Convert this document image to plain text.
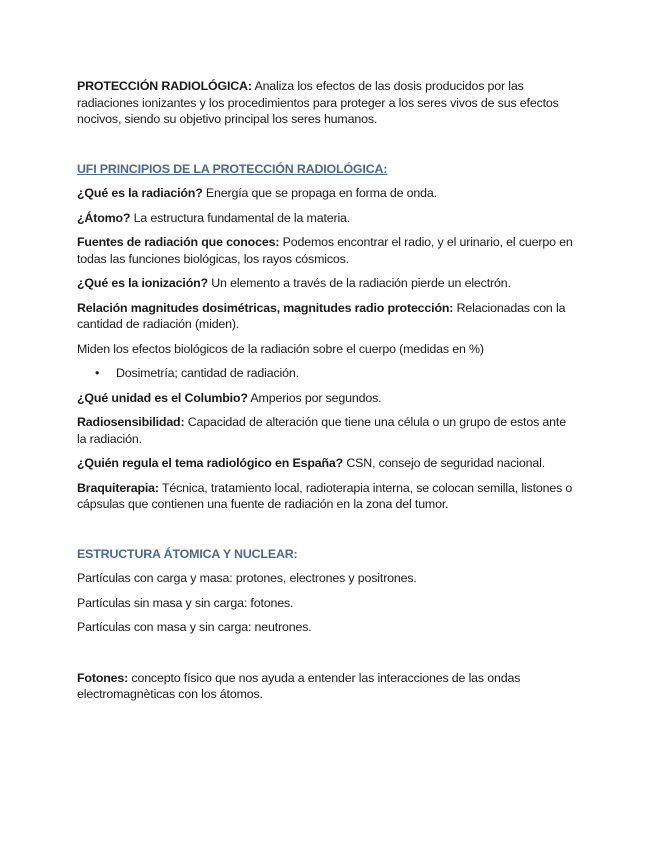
PROTECCIÓN RADIOLÓGICA: Analiza los efectos de las dosis producidos por las radiaciones ionizantes y los procedimientos para proteger a los seres vivos de sus efectos nocivos, siendo su objetivo principal los seres humanos.

UFI PRINCIPIOS DE LA PROTECCIÓN RADIOLÓGICA:

¿Qué es la radiación? Energía que se propaga en forma de onda.

¿Átomo? La estructura fundamental de la materia.

Fuentes de radiación que conoces: Podemos encontrar el radio, y el urinario, el cuerpo en todas las funciones biológicas, los rayos cósmicos.

¿Qué es la ionización? Un elemento a través de la radiación pierde un electrón.

Relación magnitudes dosimétricas, magnitudes radio protección: Relacionadas con la cantidad de radiación (miden).

Miden los efectos biológicos de la radiación sobre el cuerpo (medidas en %)

• Dosimetría; cantidad de radiación.

¿Qué unidad es el Columbio? Amperios por segundos.

Radiosensibilidad: Capacidad de alteración que tiene una célula o un grupo de estos ante la radiación.

¿Quién regula el tema radiológico en España? CSN, consejo de seguridad nacional.

Braquiterapia: Técnica, tratamiento local, radioterapia interna, se colocan semilla, listones o cápsulas que contienen una fuente de radiación en la zona del tumor.

ESTRUCTURA ÁTOMICA Y NUCLEAR:

Partículas con carga y masa: protones, electrones y positrones.

Partículas sin masa y sin carga: fotones.

Partículas con masa y sin carga: neutrones.

Fotones: concepto físico que nos ayuda a entender las interacciones de las ondas electromagnèticas con los átomos.
